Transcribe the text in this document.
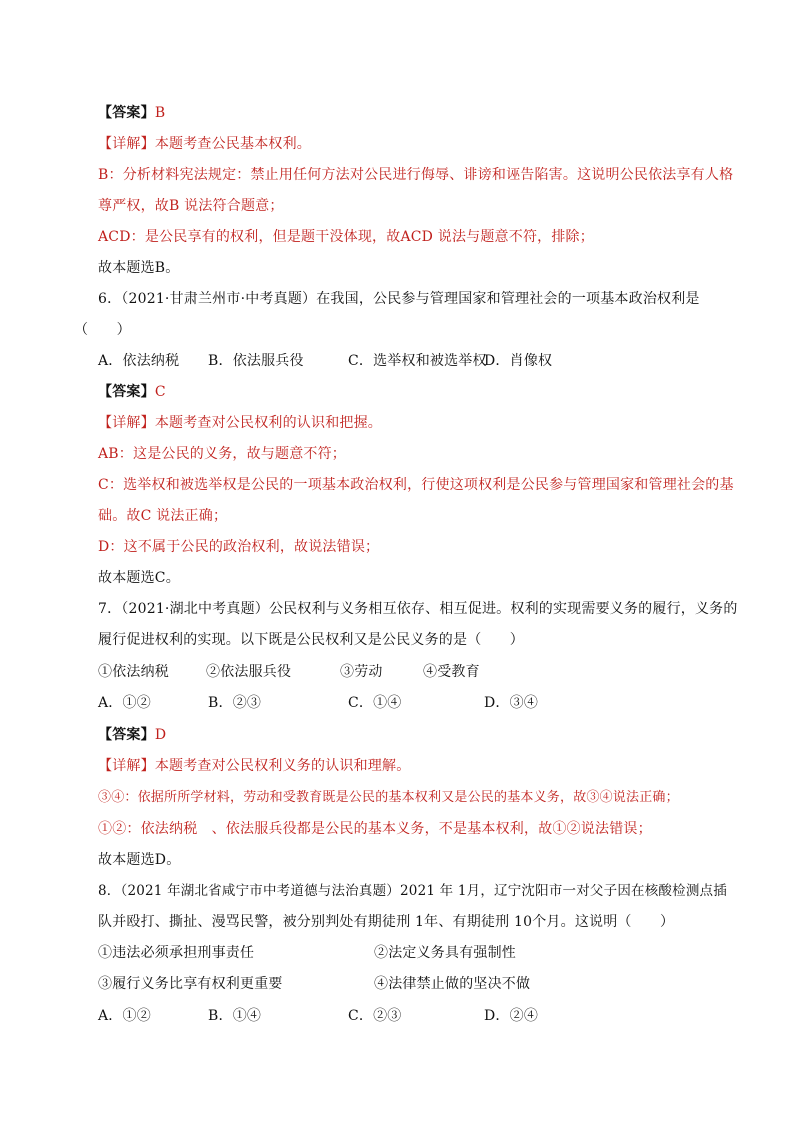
【答案】B
【详解】本题考查公民基本权利。
B：分析材料宪法规定：禁止用任何方法对公民进行侮辱、诽谤和诬告陷害。这说明公民依法享有人格
尊严权，故B 说法符合题意；
ACD：是公民享有的权利，但是题干没体现，故ACD 说法与题意不符，排除；
故本题选B。
6．（2021·甘肃兰州市·中考真题）在我国，公民参与管理国家和管理社会的一项基本政治权利是
（　　）
A．依法纳税 B．依法服兵役	C．选举权和被选举权
D．肖像权
【答案】C
【详解】本题考查对公民权利的认识和把握。
AB：这是公民的义务，故与题意不符；
C：选举权和被选举权是公民的一项基本政治权利，行使这项权利是公民参与管理国家和管理社会的基
础。故C 说法正确；
D：这不属于公民的政治权利，故说法错误；
故本题选C。
7．（2021·湖北中考真题）公民权利与义务相互依存、相互促进。权利的实现需要义务的履行，义务的
履行促进权利的实现。以下既是公民权利又是公民义务的是（　　）
①依法纳税	②依法服兵役	③劳动	④受教育
A．①②	B．②③	C．①④	D．③④
【答案】D
【详解】本题考查对公民权利义务的认识和理解。
③④：依据所所学材料，劳动和受教育既是公民的基本权利又是公民的基本义务，故③④说法正确；
①②：依法纳税　、依法服兵役都是公民的基本义务，不是基本权利，故①②说法错误；
故本题选D。
8．（2021 年湖北省咸宁市中考道德与法治真题）2021 年 1月，辽宁沈阳市一对父子因在核酸检测点插
队并殴打、撕扯、漫骂民警，被分别判处有期徒刑 1年、有期徒刑 10个月。这说明（　　）
①违法必须承担刑事责任	②法定义务具有强制性
③履行义务比享有权利更重要	④法律禁止做的坚决不做
A．①②	B．①④	C．②③	D．②④
